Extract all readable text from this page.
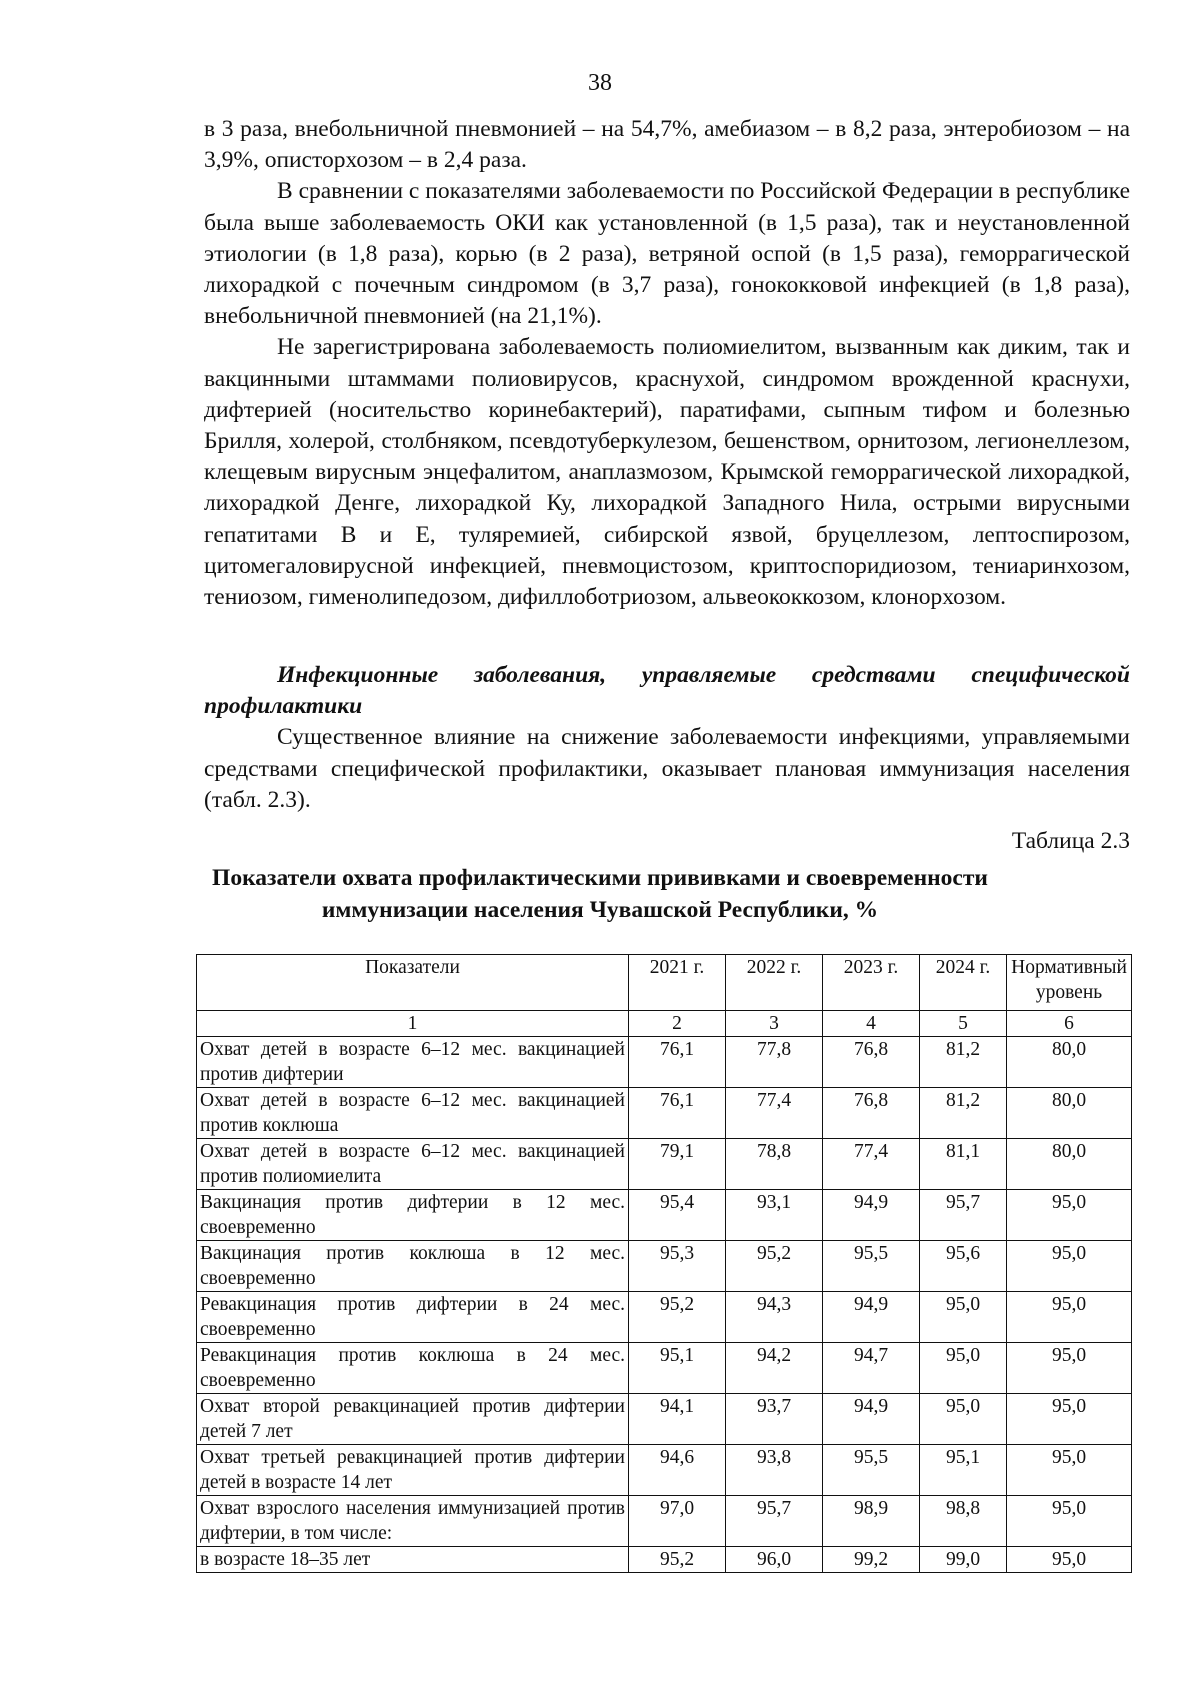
38

в 3 раза, внебольничной пневмонией – на 54,7%, амебиазом – в 8,2 раза, энтеробиозом – на 3,9%, описторхозом – в 2,4 раза.

В сравнении с показателями заболеваемости по Российской Федерации в республике была выше заболеваемость ОКИ как установленной (в 1,5 раза), так и неустановленной этиологии (в 1,8 раза), корью (в 2 раза), ветряной оспой (в 1,5 раза), геморрагической лихорадкой с почечным синдромом (в 3,7 раза), гонококковой инфекцией (в 1,8 раза), внебольничной пневмонией (на 21,1%).

Не зарегистрирована заболеваемость полиомиелитом, вызванным как диким, так и вакцинными штаммами полиовирусов, краснухой, синдромом врожденной краснухи, дифтерией (носительство коринебактерий), паратифами, сыпным тифом и болезнью Брилля, холерой, столбняком, псевдотуберкулезом, бешенством, орнитозом, легионеллезом, клещевым вирусным энцефалитом, анаплазмозом, Крымской геморрагической лихорадкой, лихорадкой Денге, лихорадкой Ку, лихорадкой Западного Нила, острыми вирусными гепатитами В и Е, туляремией, сибирской язвой, бруцеллезом, лептоспирозом, цитомегаловирусной инфекцией, пневмоцистозом, криптоспоридиозом, тениаринхозом, тениозом, гименолипедозом, дифиллоботриозом, альвеококкозом, клонорхозом.

Инфекционные заболевания, управляемые средствами специфической профилактики

Существенное влияние на снижение заболеваемости инфекциями, управляемыми средствами специфической профилактики, оказывает плановая иммунизация населения (табл. 2.3).

Таблица 2.3
Показатели охвата профилактическими прививками и своевременности
иммунизации населения Чувашской Республики, %
Показатели	2021 г.	2022 г.	2023 г.	2024 г.	Нормативный уровень
1	2	3	4	5	6
Охват детей в возрасте 6–12 мес. вакцинацией против дифтерии	76,1	77,8	76,8	81,2	80,0
Охват детей в возрасте 6–12 мес. вакцинацией против коклюша	76,1	77,4	76,8	81,2	80,0
Охват детей в возрасте 6–12 мес. вакцинацией против полиомиелита	79,1	78,8	77,4	81,1	80,0
Вакцинация против дифтерии в 12 мес. своевременно	95,4	93,1	94,9	95,7	95,0
Вакцинация против коклюша в 12 мес. своевременно	95,3	95,2	95,5	95,6	95,0
Ревакцинация против дифтерии в 24 мес. своевременно	95,2	94,3	94,9	95,0	95,0
Ревакцинация против коклюша в 24 мес. своевременно	95,1	94,2	94,7	95,0	95,0
Охват второй ревакцинацией против дифтерии детей 7 лет	94,1	93,7	94,9	95,0	95,0
Охват третьей ревакцинацией против дифтерии детей в возрасте 14 лет	94,6	93,8	95,5	95,1	95,0
Охват взрослого населения иммунизацией против дифтерии, в том числе:	97,0	95,7	98,9	98,8	95,0
в возрасте 18–35 лет	95,2	96,0	99,2	99,0	95,0
